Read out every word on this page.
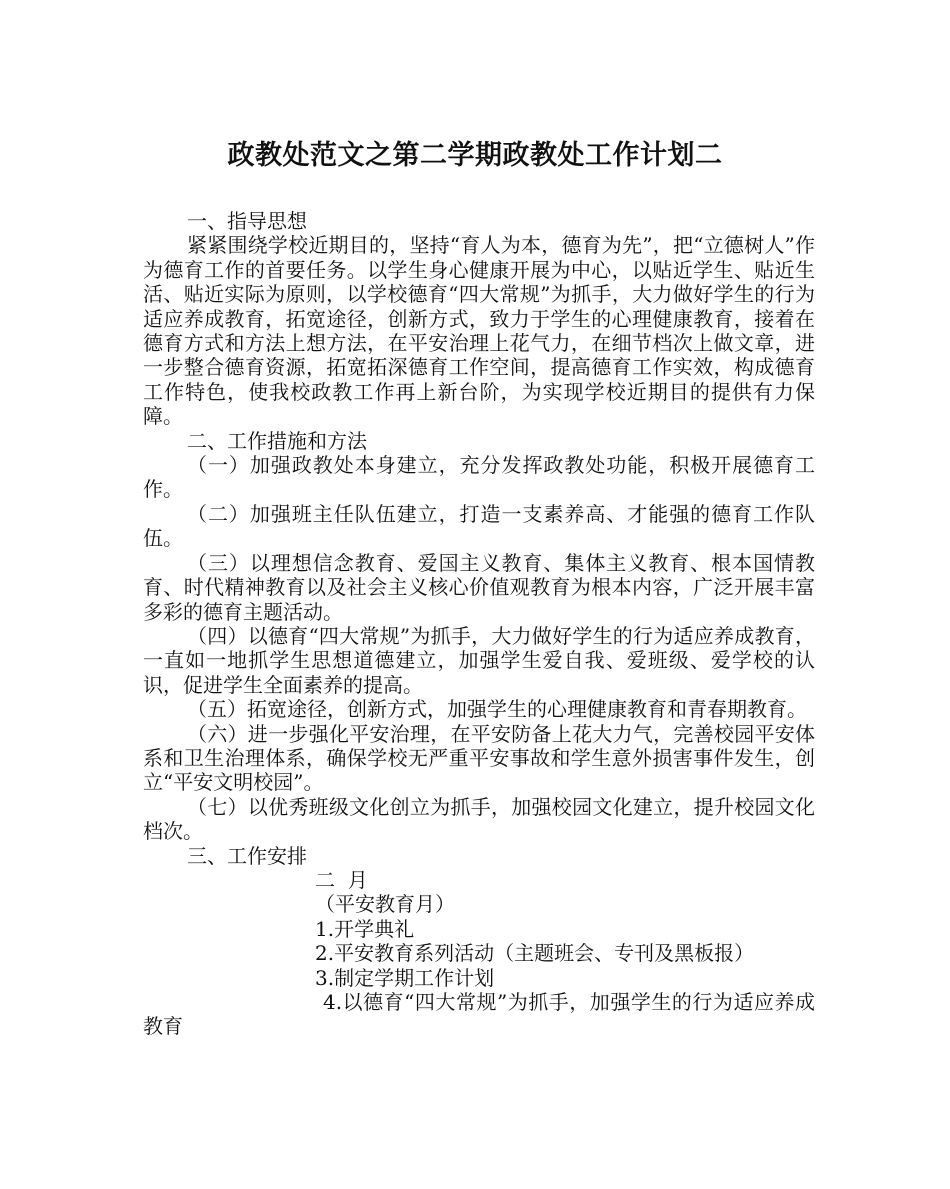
政教处范文之第二学期政教处工作计划二

一、指导思想

紧紧围绕学校近期目的，坚持“育人为本，德育为先”，把“立德树人”作为德育工作的首要任务。以学生身心健康开展为中心，以贴近学生、贴近生活、贴近实际为原则，以学校德育“四大常规”为抓手，大力做好学生的行为适应养成教育，拓宽途径，创新方式，致力于学生的心理健康教育，接着在德育方式和方法上想方法，在平安治理上花气力，在细节档次上做文章，进一步整合德育资源，拓宽拓深德育工作空间，提高德育工作实效，构成德育工作特色，使我校政教工作再上新台阶，为实现学校近期目的提供有力保障。

二、工作措施和方法

（一）加强政教处本身建立，充分发挥政教处功能，积极开展德育工作。

（二）加强班主任队伍建立，打造一支素养高、才能强的德育工作队伍。

（三）以理想信念教育、爱国主义教育、集体主义教育、根本国情教育、时代精神教育以及社会主义核心价值观教育为根本内容，广泛开展丰富多彩的德育主题活动。

（四）以德育“四大常规”为抓手，大力做好学生的行为适应养成教育，一直如一地抓学生思想道德建立，加强学生爱自我、爱班级、爱学校的认识，促进学生全面素养的提高。

（五）拓宽途径，创新方式，加强学生的心理健康教育和青春期教育。

（六）进一步强化平安治理，在平安防备上花大力气，完善校园平安体系和卫生治理体系，确保学校无严重平安事故和学生意外损害事件发生，创立“平安文明校园”。

（七）以优秀班级文化创立为抓手，加强校园文化建立，提升校园文化档次。

三、工作安排

二  月

（平安教育月）

1.开学典礼

2.平安教育系列活动（主题班会、专刊及黑板报）

3.制定学期工作计划

4.以德育“四大常规”为抓手，加强学生的行为适应养成教育
